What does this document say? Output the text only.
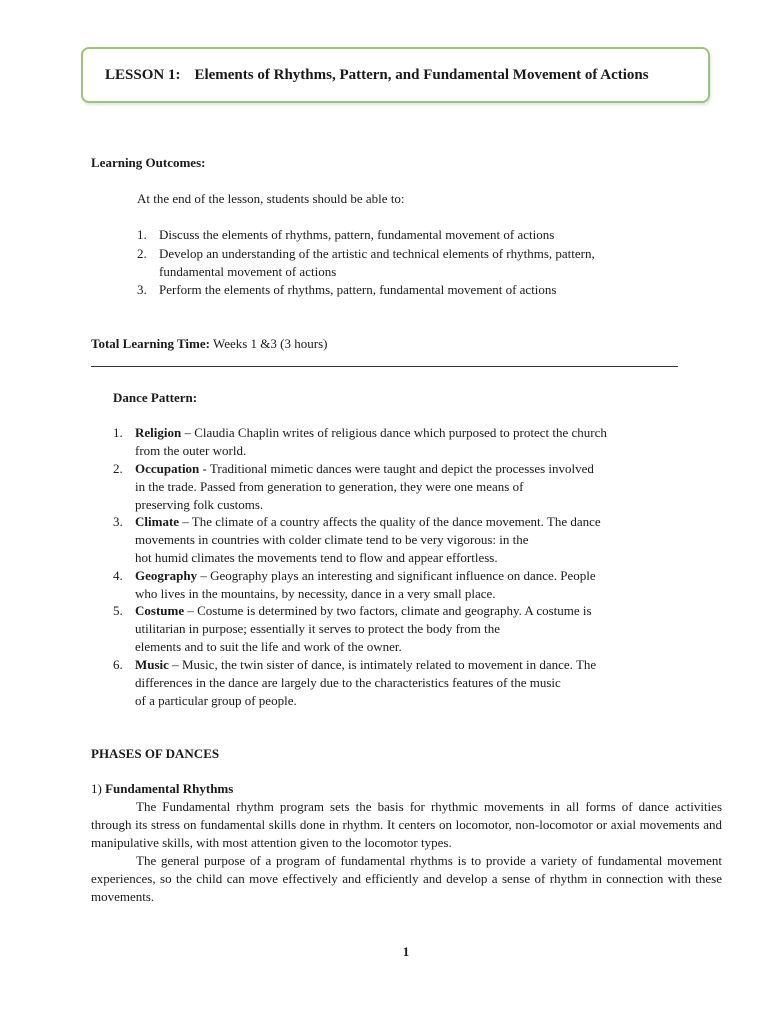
LESSON 1: Elements of Rhythms, Pattern, and Fundamental Movement of Actions
Learning Outcomes:
At the end of the lesson, students should be able to:
1. Discuss the elements of rhythms, pattern, fundamental movement of actions
2. Develop an understanding of the artistic and technical elements of rhythms, pattern,
fundamental movement of actions
3. Perform the elements of rhythms, pattern, fundamental movement of actions
Total Learning Time: Weeks 1 &3 (3 hours)
Dance Pattern:
1. Religion – Claudia Chaplin writes of religious dance which purposed to protect the church
from the outer world.
2. Occupation - Traditional mimetic dances were taught and depict the processes involved
in the trade. Passed from generation to generation, they were one means of
preserving folk customs.
3. Climate – The climate of a country affects the quality of the dance movement. The dance
movements in countries with colder climate tend to be very vigorous: in the
hot humid climates the movements tend to flow and appear effortless.
4. Geography – Geography plays an interesting and significant influence on dance. People
who lives in the mountains, by necessity, dance in a very small place.
5. Costume – Costume is determined by two factors, climate and geography. A costume is
utilitarian in purpose; essentially it serves to protect the body from the
elements and to suit the life and work of the owner.
6. Music – Music, the twin sister of dance, is intimately related to movement in dance. The
differences in the dance are largely due to the characteristics features of the music
of a particular group of people.
PHASES OF DANCES
1) Fundamental Rhythms

The Fundamental rhythm program sets the basis for rhythmic movements in all forms of dance activities through its stress on fundamental skills done in rhythm. It centers on locomotor, non-locomotor or axial movements and manipulative skills, with most attention given to the locomotor types.

The general purpose of a program of fundamental rhythms is to provide a variety of fundamental movement experiences, so the child can move effectively and efficiently and develop a sense of rhythm in connection with these movements.

1
